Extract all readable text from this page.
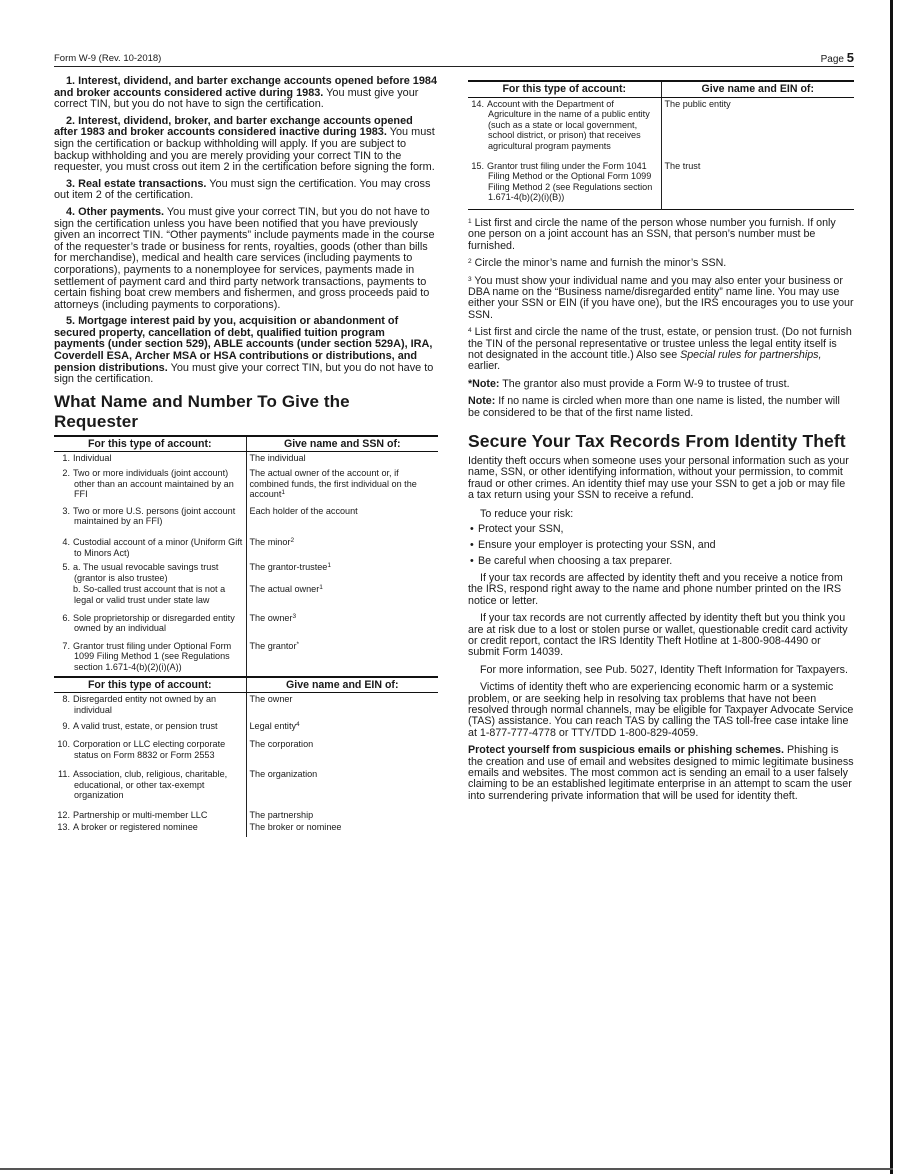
Form W-9 (Rev. 10-2018)	Page 5

1. Interest, dividend, and barter exchange accounts opened before 1984 and broker accounts considered active during 1983. You must give your correct TIN, but you do not have to sign the certification.

2. Interest, dividend, broker, and barter exchange accounts opened after 1983 and broker accounts considered inactive during 1983. You must sign the certification or backup withholding will apply. If you are subject to backup withholding and you are merely providing your correct TIN to the requester, you must cross out item 2 in the certification before signing the form.

3. Real estate transactions. You must sign the certification. You may cross out item 2 of the certification.

4. Other payments. You must give your correct TIN, but you do not have to sign the certification unless you have been notified that you have previously given an incorrect TIN. “Other payments” include payments made in the course of the requester’s trade or business for rents, royalties, goods (other than bills for merchandise), medical and health care services (including payments to corporations), payments to a nonemployee for services, payments made in settlement of payment card and third party network transactions, payments to certain fishing boat crew members and fishermen, and gross proceeds paid to attorneys (including payments to corporations).

5. Mortgage interest paid by you, acquisition or abandonment of secured property, cancellation of debt, qualified tuition program payments (under section 529), ABLE accounts (under section 529A), IRA, Coverdell ESA, Archer MSA or HSA contributions or distributions, and pension distributions. You must give your correct TIN, but you do not have to sign the certification.

What Name and Number To Give the Requester
For this type of account:	Give name and SSN of:

1. Individual	The individual

2. Two or more individuals (joint account) other than an account maintained by an FFI	The actual owner of the account or, if combined funds, the first individual on the account$^1$

3. Two or more U.S. persons (joint account maintained by an FFI)	Each holder of the account

4. Custodial account of a minor (Uniform Gift to Minors Act)	The minor$^2$

5. a. The usual revocable savings trust (grantor is also trustee)	The grantor-trustee$^1$

b. So-called trust account that is not a legal or valid trust under state law	The actual owner$^1$

6. Sole proprietorship or disregarded entity owned by an individual	The owner$^3$

7. Grantor trust filing under Optional Form 1099 Filing Method 1 (see Regulations section 1.671-4(b)(2)(i)(A))	The grantor*
For this type of account:	Give name and EIN of:

8. Disregarded entity not owned by an individual	The owner

9. A valid trust, estate, or pension trust	Legal entity$^4$

10. Corporation or LLC electing corporate status on Form 8832 or Form 2553	The corporation

11. Association, club, religious, charitable, educational, or other tax-exempt organization	The organization

12. Partnership or multi-member LLC	The partnership

13. A broker or registered nominee	The broker or nominee
For this type of account:	Give name and EIN of:

14. Account with the Department of Agriculture in the name of a public entity (such as a state or local government, school district, or prison) that receives agricultural program payments	The public entity

15. Grantor trust filing under the Form 1041 Filing Method or the Optional Form 1099 Filing Method 2 (see Regulations section 1.671-4(b)(2)(i)(B))	The trust

$^1$ List first and circle the name of the person whose number you furnish. If only one person on a joint account has an SSN, that person’s number must be furnished.

$^2$ Circle the minor’s name and furnish the minor’s SSN.

$^3$ You must show your individual name and you may also enter your business or DBA name on the “Business name/disregarded entity” name line. You may use either your SSN or EIN (if you have one), but the IRS encourages you to use your SSN.

$^4$ List first and circle the name of the trust, estate, or pension trust. (Do not furnish the TIN of the personal representative or trustee unless the legal entity itself is not designated in the account title.) Also see Special rules for partnerships, earlier.

*Note: The grantor also must provide a Form W-9 to trustee of trust.

Note: If no name is circled when more than one name is listed, the number will be considered to be that of the first name listed.

Secure Your Tax Records From Identity Theft

Identity theft occurs when someone uses your personal information such as your name, SSN, or other identifying information, without your permission, to commit fraud or other crimes. An identity thief may use your SSN to get a job or may file a tax return using your SSN to receive a refund.

To reduce your risk:

• Protect your SSN,

• Ensure your employer is protecting your SSN, and

• Be careful when choosing a tax preparer.

If your tax records are affected by identity theft and you receive a notice from the IRS, respond right away to the name and phone number printed on the IRS notice or letter.

If your tax records are not currently affected by identity theft but you think you are at risk due to a lost or stolen purse or wallet, questionable credit card activity or credit report, contact the IRS Identity Theft Hotline at 1-800-908-4490 or submit Form 14039.

For more information, see Pub. 5027, Identity Theft Information for Taxpayers.

Victims of identity theft who are experiencing economic harm or a systemic problem, or are seeking help in resolving tax problems that have not been resolved through normal channels, may be eligible for Taxpayer Advocate Service (TAS) assistance. You can reach TAS by calling the TAS toll-free case intake line at 1-877-777-4778 or TTY/TDD 1-800-829-4059.

Protect yourself from suspicious emails or phishing schemes. Phishing is the creation and use of email and websites designed to mimic legitimate business emails and websites. The most common act is sending an email to a user falsely claiming to be an established legitimate enterprise in an attempt to scam the user into surrendering private information that will be used for identity theft.
